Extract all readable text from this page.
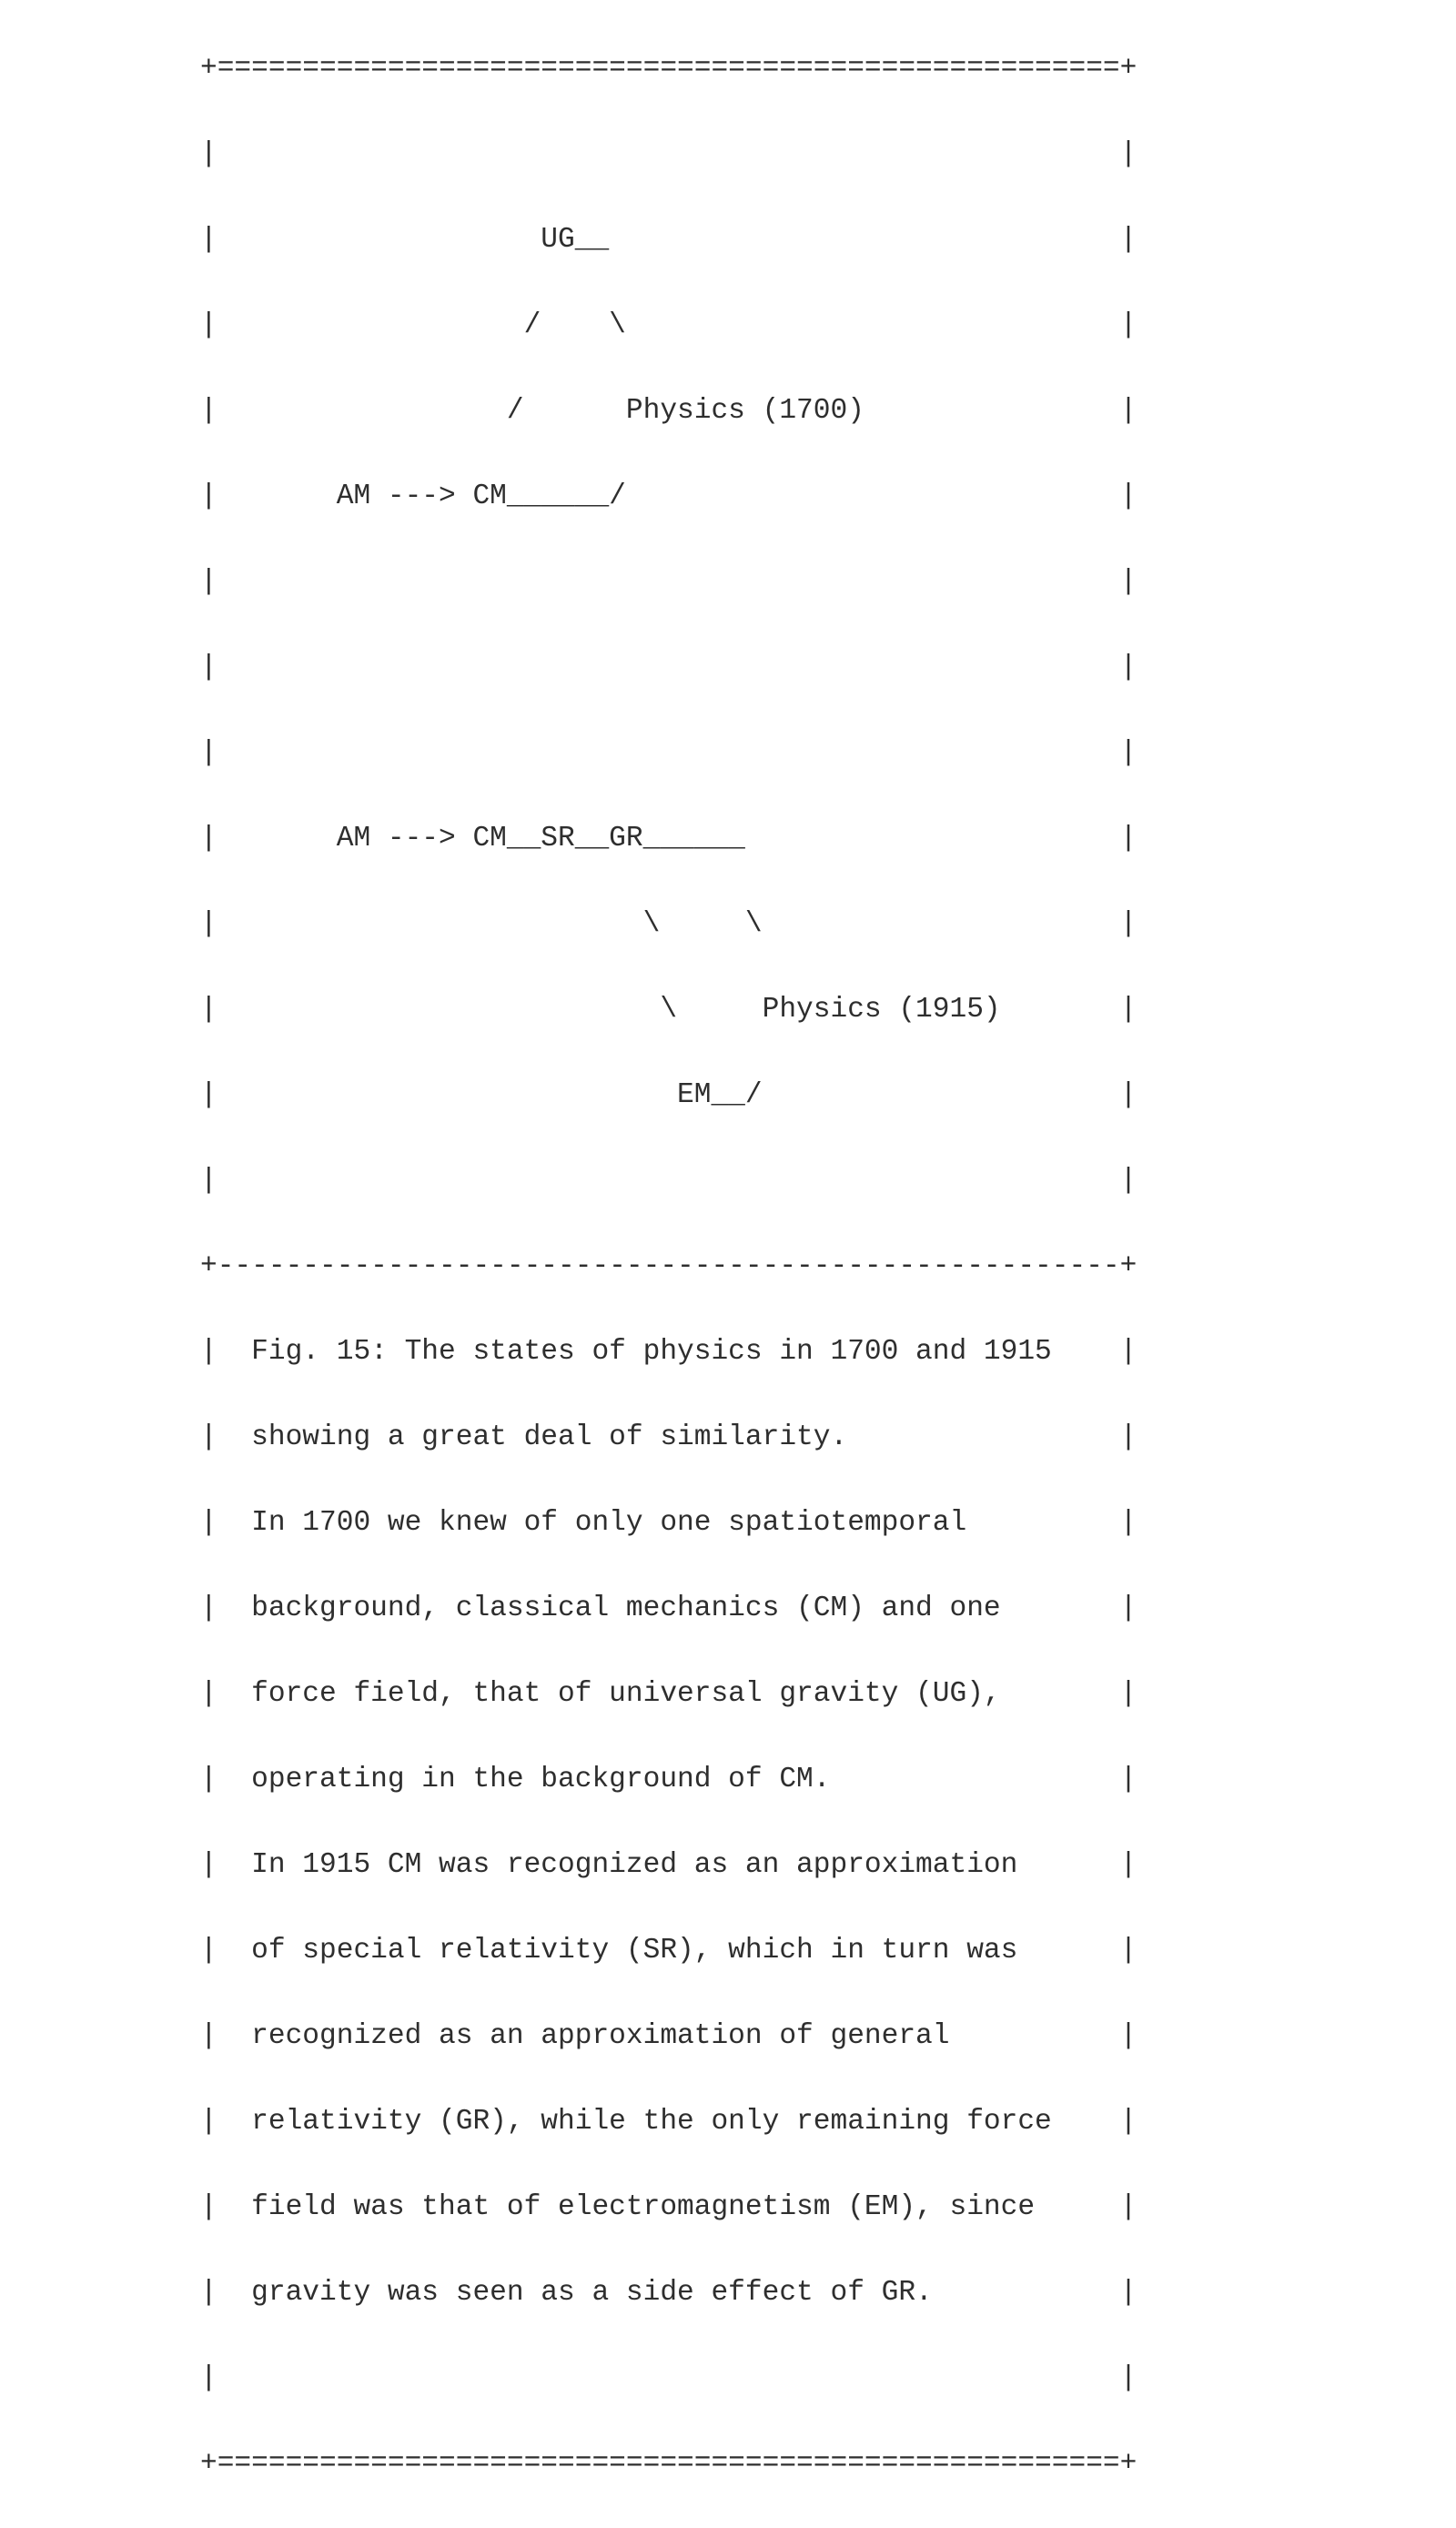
+=====================================================+

|                                                     |

|                   UG__                              |

|                  /    \                             |

|                 /      Physics (1700)               |

|       AM ---> CM______/                             |

|                                                     |

|                                                     |

|                                                     |

|       AM ---> CM__SR__GR______                      |

|                         \     \                     |

|                          \     Physics (1915)       |

|                           EM__/                     |

|                                                     |

+-----------------------------------------------------+

|  Fig. 15: The states of physics in 1700 and 1915    |

|  showing a great deal of similarity.                |

|  In 1700 we knew of only one spatiotemporal         |

|  background, classical mechanics (CM) and one       |

|  force field, that of universal gravity (UG),       |

|  operating in the background of CM.                 |

|  In 1915 CM was recognized as an approximation      |

|  of special relativity (SR), which in turn was      |

|  recognized as an approximation of general          |

|  relativity (GR), while the only remaining force    |

|  field was that of electromagnetism (EM), since     |

|  gravity was seen as a side effect of GR.           |

|                                                     |

+=====================================================+
